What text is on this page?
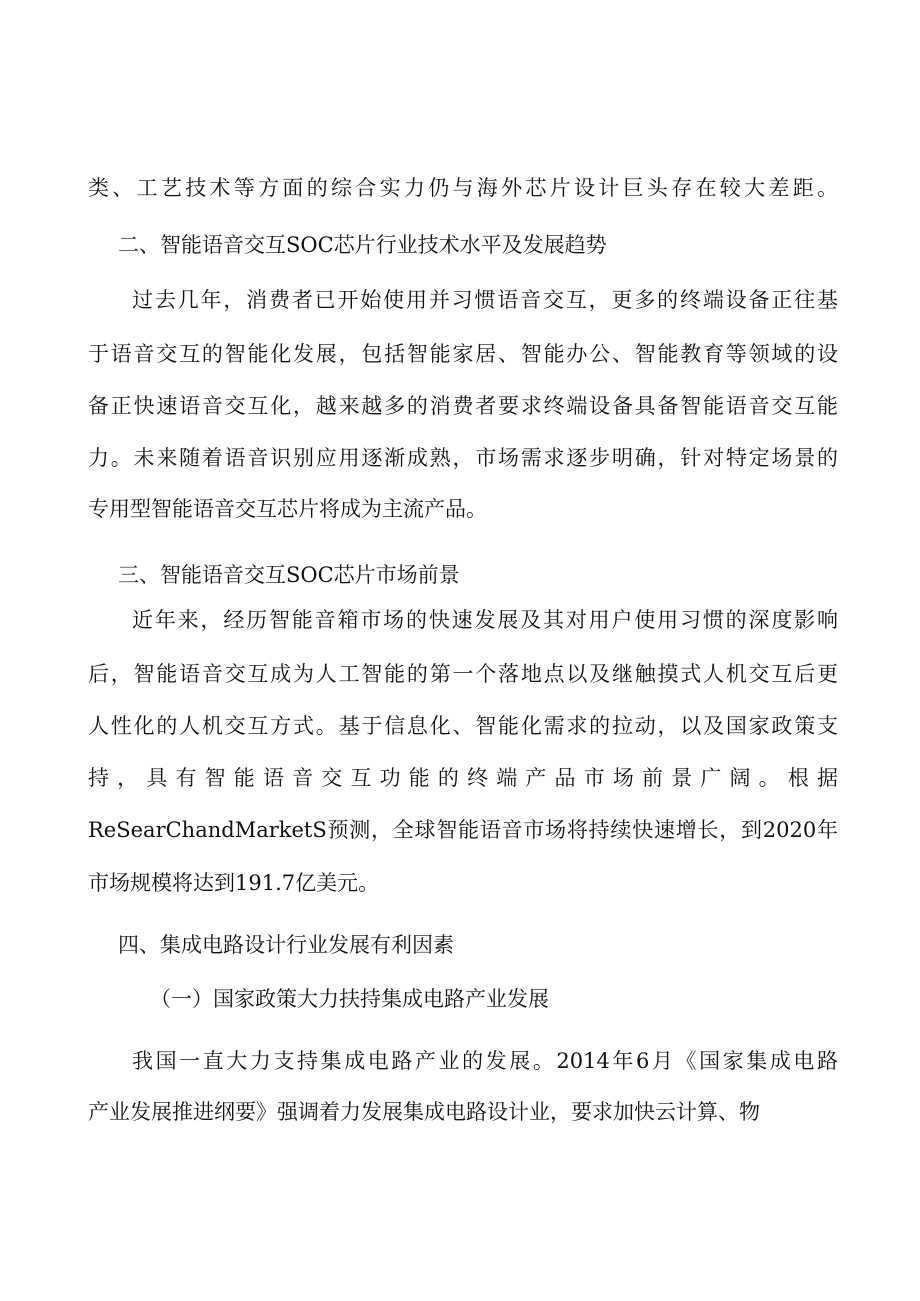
类、工艺技术等方面的综合实力仍与海外芯片设计巨头存在较大差距。
二、智能语音交互SOC芯片行业技术水平及发展趋势
过去几年，消费者已开始使用并习惯语音交互，更多的终端设备正往基
于语音交互的智能化发展，包括智能家居、智能办公、智能教育等领域的设
备正快速语音交互化，越来越多的消费者要求终端设备具备智能语音交互能
力。未来随着语音识别应用逐渐成熟，市场需求逐步明确，针对特定场景的
专用型智能语音交互芯片将成为主流产品。
三、智能语音交互SOC芯片市场前景
近年来，经历智能音箱市场的快速发展及其对用户使用习惯的深度影响
后，智能语音交互成为人工智能的第一个落地点以及继触摸式人机交互后更
人性化的人机交互方式。基于信息化、智能化需求的拉动，以及国家政策支
持，具有智能语音交互功能的终端产品市场前景广阔。根据
ReSearChandMarketS预测，全球智能语音市场将持续快速增长，到2020年
市场规模将达到191.7亿美元。
四、集成电路设计行业发展有利因素
（一）国家政策大力扶持集成电路产业发展
我国一直大力支持集成电路产业的发展。2014年6月《国家集成电路
产业发展推进纲要》强调着力发展集成电路设计业，要求加快云计算、物
